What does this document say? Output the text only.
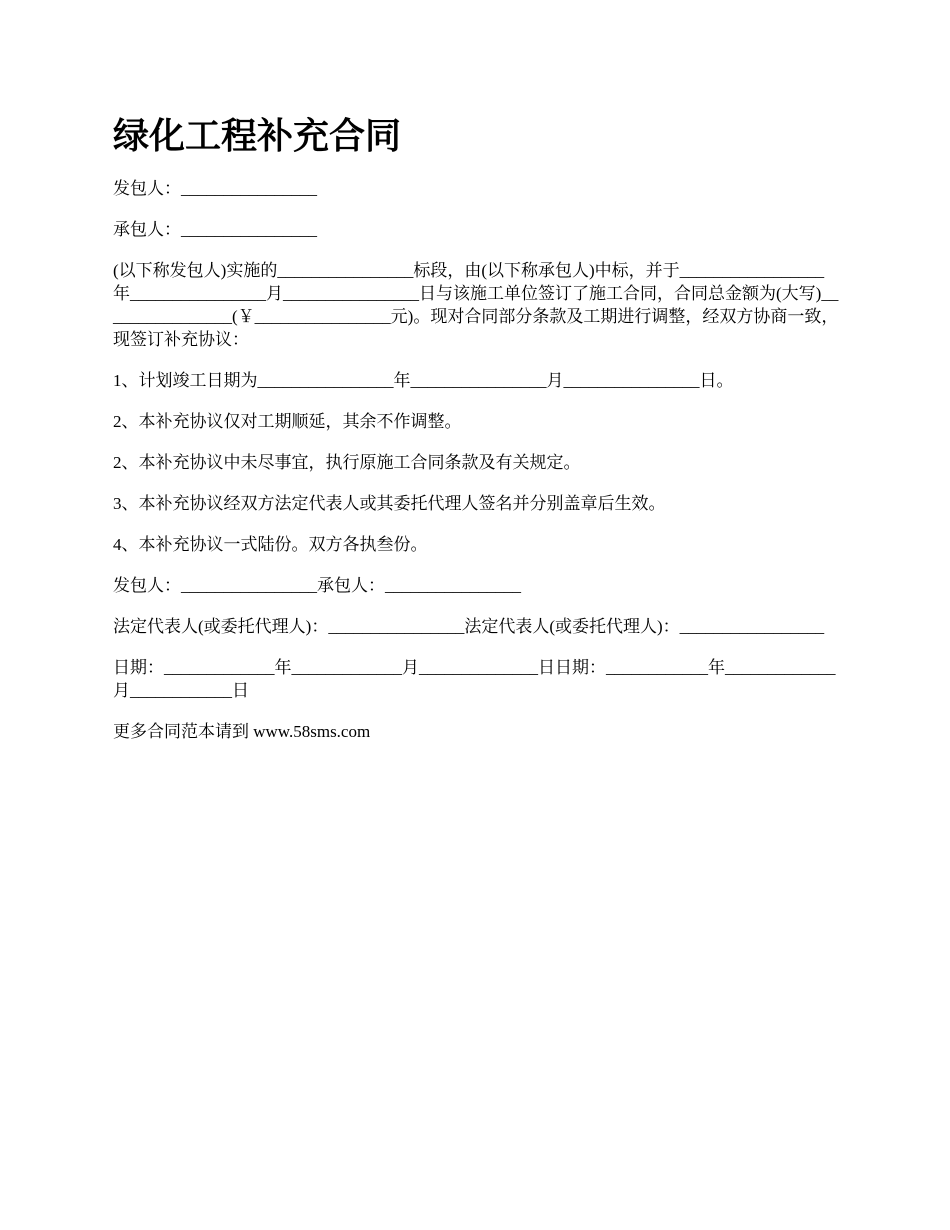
绿化工程补充合同

发包人：________________

承包人：________________

(以下称发包人)实施的________________标段，由(以下称承包人)中标，并于_________________年________________月________________日与该施工单位签订了施工合同，合同总金额为(大写)________________(￥________________元)。现对合同部分条款及工期进行调整，经双方协商一致，现签订补充协议：

1、计划竣工日期为________________年________________月________________日。

2、本补充协议仅对工期顺延，其余不作调整。

2、本补充协议中未尽事宜，执行原施工合同条款及有关规定。

3、本补充协议经双方法定代表人或其委托代理人签名并分别盖章后生效。

4、本补充协议一式陆份。双方各执叁份。

发包人：________________承包人：________________

法定代表人(或委托代理人)：________________法定代表人(或委托代理人)：_________________

日期：_____________年_____________月______________日日期：____________年_____________月____________日

更多合同范本请到 www.58sms.com
